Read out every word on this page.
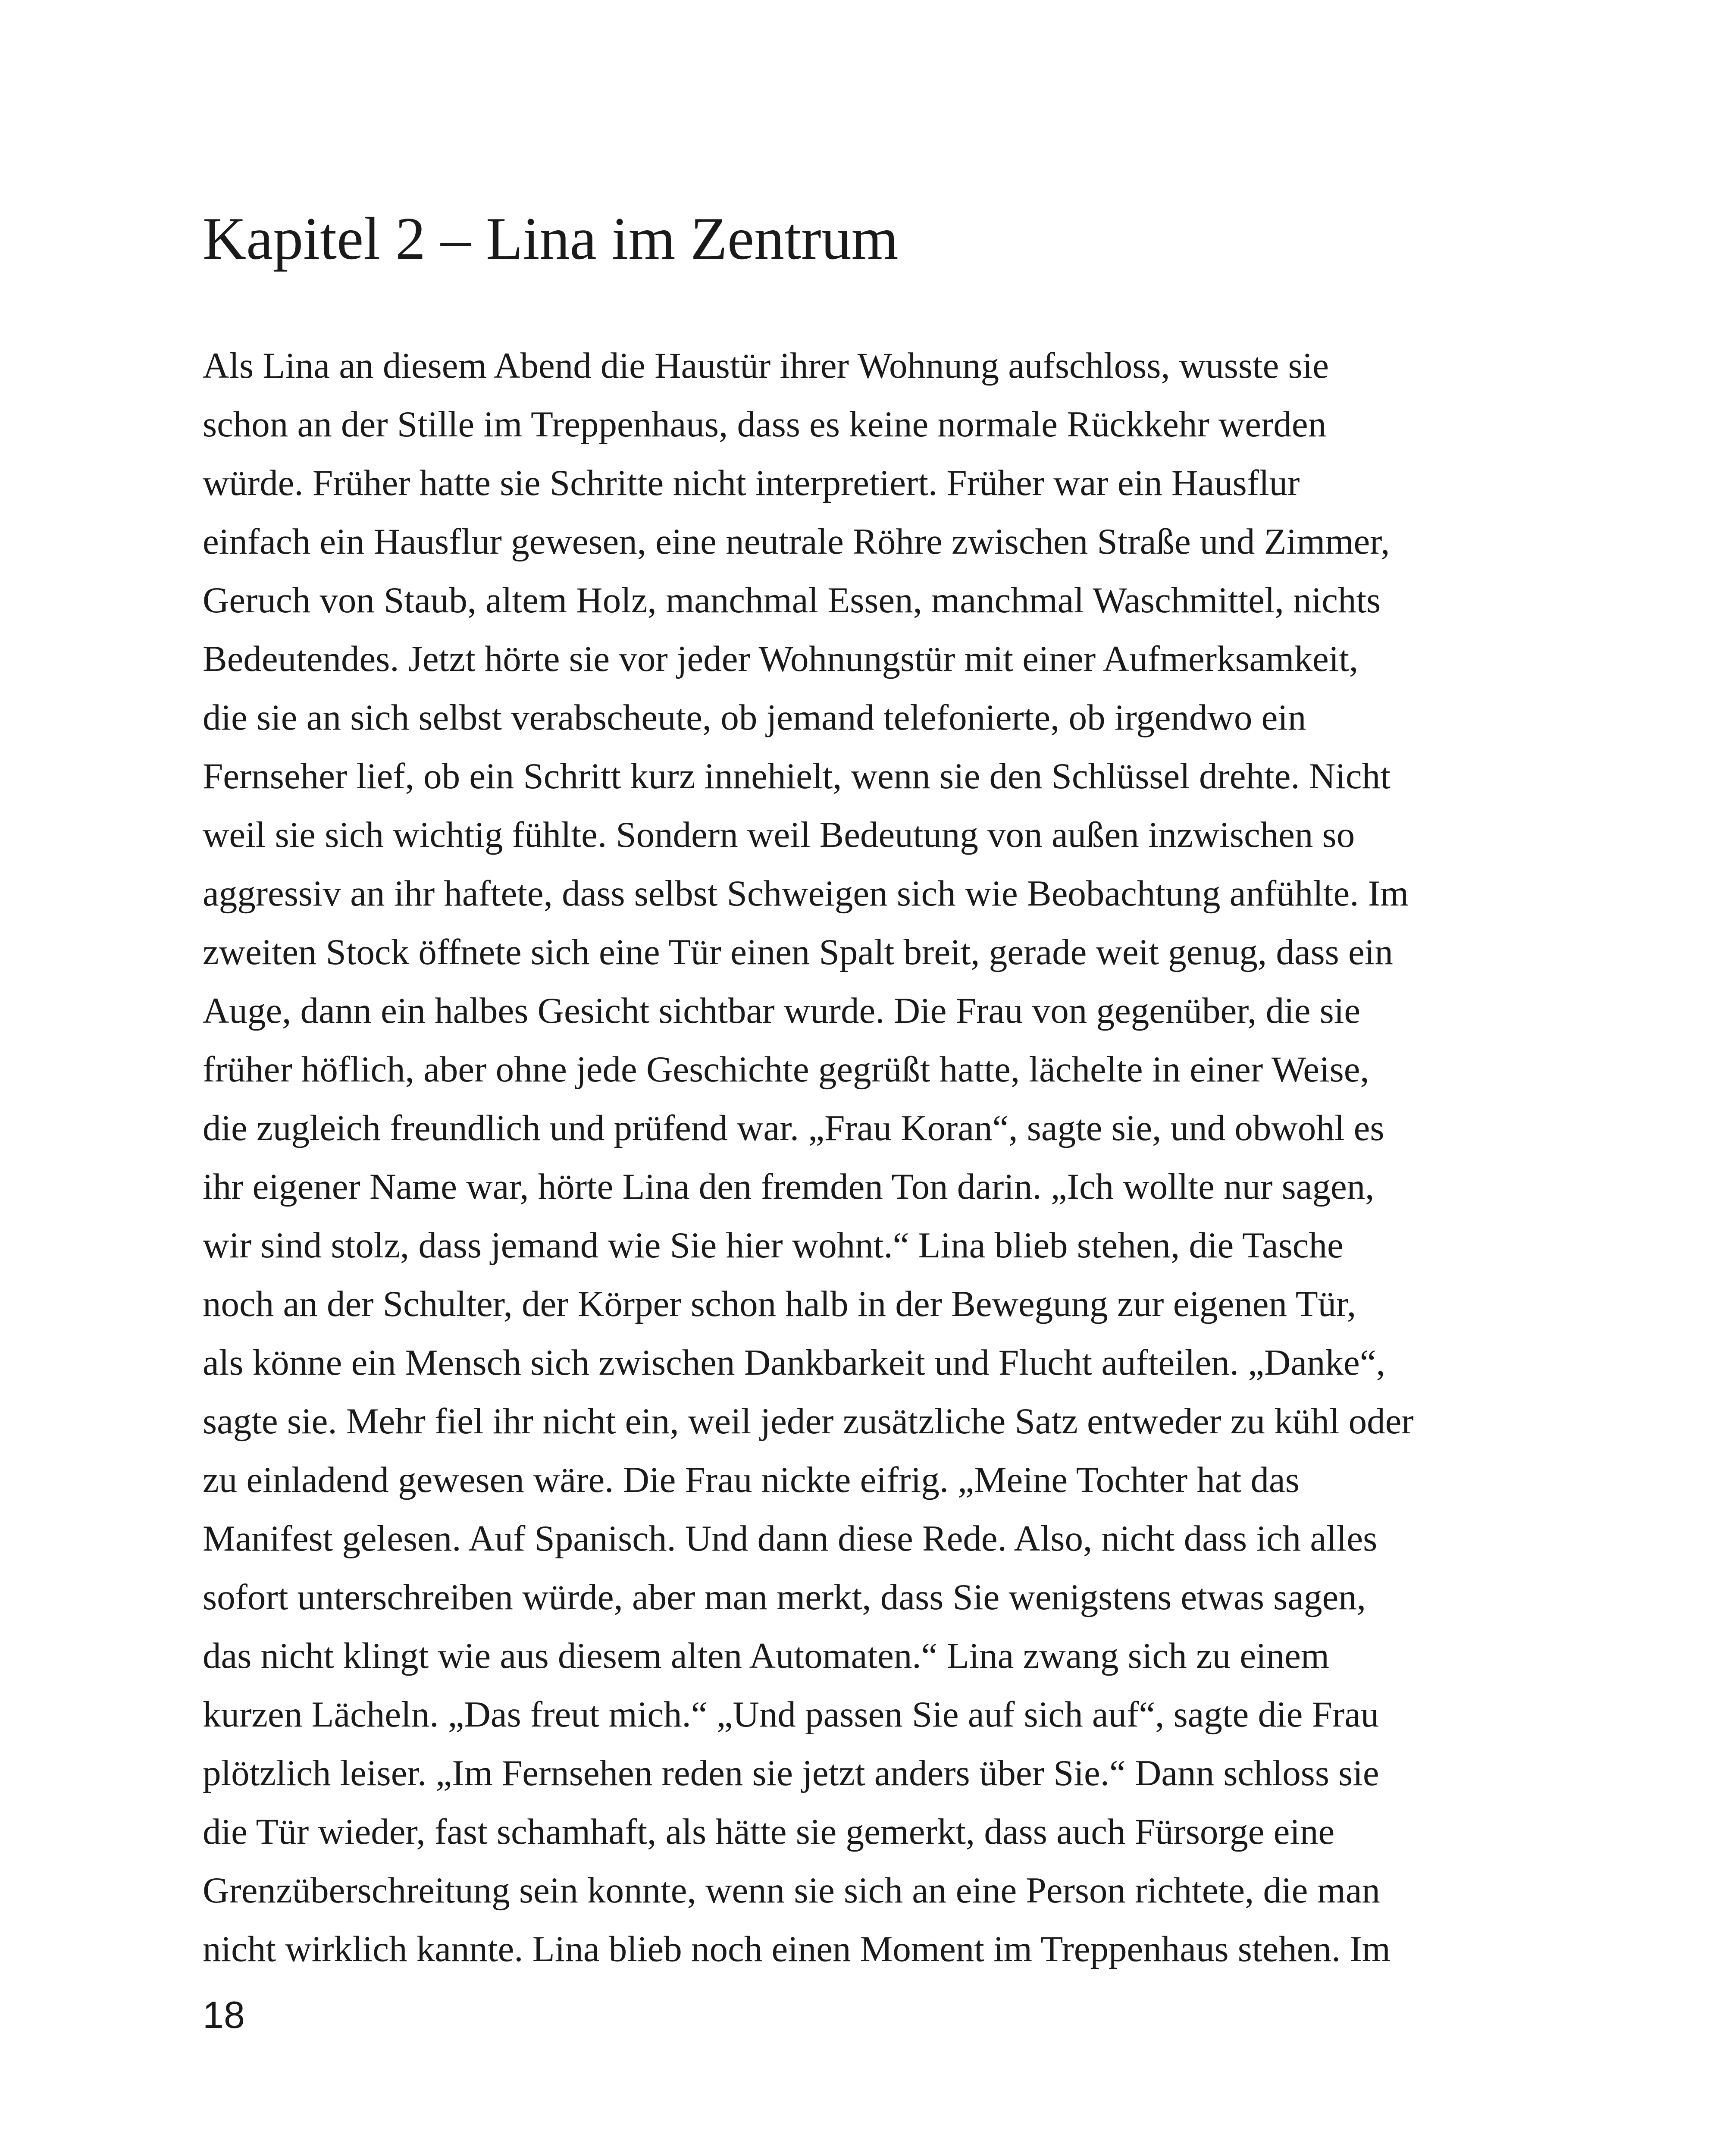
Kapitel 2 – Lina im Zentrum
Als Lina an diesem Abend die Haustür ihrer Wohnung aufschloss, wusste sie
schon an der Stille im Treppenhaus, dass es keine normale Rückkehr werden
würde. Früher hatte sie Schritte nicht interpretiert. Früher war ein Hausflur
einfach ein Hausflur gewesen, eine neutrale Röhre zwischen Straße und Zimmer,
Geruch von Staub, altem Holz, manchmal Essen, manchmal Waschmittel, nichts
Bedeutendes. Jetzt hörte sie vor jeder Wohnungstür mit einer Aufmerksamkeit,
die sie an sich selbst verabscheute, ob jemand telefonierte, ob irgendwo ein
Fernseher lief, ob ein Schritt kurz innehielt, wenn sie den Schlüssel drehte. Nicht
weil sie sich wichtig fühlte. Sondern weil Bedeutung von außen inzwischen so
aggressiv an ihr haftete, dass selbst Schweigen sich wie Beobachtung anfühlte. Im
zweiten Stock öffnete sich eine Tür einen Spalt breit, gerade weit genug, dass ein
Auge, dann ein halbes Gesicht sichtbar wurde. Die Frau von gegenüber, die sie
früher höflich, aber ohne jede Geschichte gegrüßt hatte, lächelte in einer Weise,
die zugleich freundlich und prüfend war. „Frau Koran“, sagte sie, und obwohl es
ihr eigener Name war, hörte Lina den fremden Ton darin. „Ich wollte nur sagen,
wir sind stolz, dass jemand wie Sie hier wohnt.“ Lina blieb stehen, die Tasche
noch an der Schulter, der Körper schon halb in der Bewegung zur eigenen Tür,
als könne ein Mensch sich zwischen Dankbarkeit und Flucht aufteilen. „Danke“,
sagte sie. Mehr fiel ihr nicht ein, weil jeder zusätzliche Satz entweder zu kühl oder
zu einladend gewesen wäre. Die Frau nickte eifrig. „Meine Tochter hat das
Manifest gelesen. Auf Spanisch. Und dann diese Rede. Also, nicht dass ich alles
sofort unterschreiben würde, aber man merkt, dass Sie wenigstens etwas sagen,
das nicht klingt wie aus diesem alten Automaten.“ Lina zwang sich zu einem
kurzen Lächeln. „Das freut mich.“ „Und passen Sie auf sich auf“, sagte die Frau
plötzlich leiser. „Im Fernsehen reden sie jetzt anders über Sie.“ Dann schloss sie
die Tür wieder, fast schamhaft, als hätte sie gemerkt, dass auch Fürsorge eine
Grenzüberschreitung sein konnte, wenn sie sich an eine Person richtete, die man
nicht wirklich kannte. Lina blieb noch einen Moment im Treppenhaus stehen. Im

18
